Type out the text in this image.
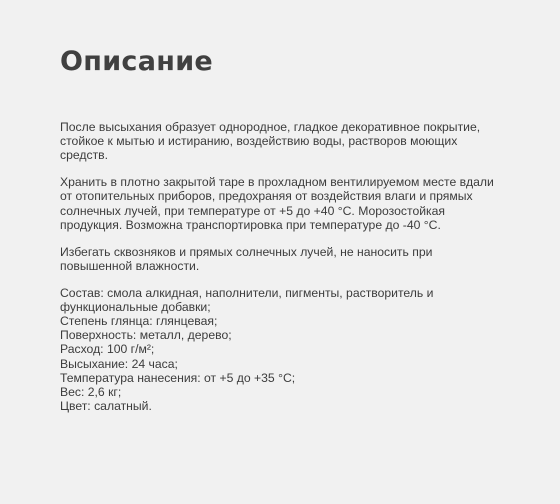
Описание

После высыхания образует однородное, гладкое декоративное покрытие, стойкое к мытью и истиранию, воздействию воды, растворов моющих средств.

Хранить в плотно закрытой таре в прохладном вентилируемом месте вдали от отопительных приборов, предохраняя от воздействия влаги и прямых солнечных лучей, при температуре от +5 до +40 °С. Морозостойкая продукция. Возможна транспортировка при температуре до -40 °С.

Избегать сквозняков и прямых солнечных лучей, не наносить при повышенной влажности.

Состав: смола алкидная, наполнители, пигменты, растворитель и функциональные добавки;

Степень глянца: глянцевая;

Поверхность: металл, дерево;

Расход: 100 г/м²;

Высыхание: 24 часа;

Температура нанесения: от +5 до +35 °С;

Вес: 2,6 кг;

Цвет: салатный.
